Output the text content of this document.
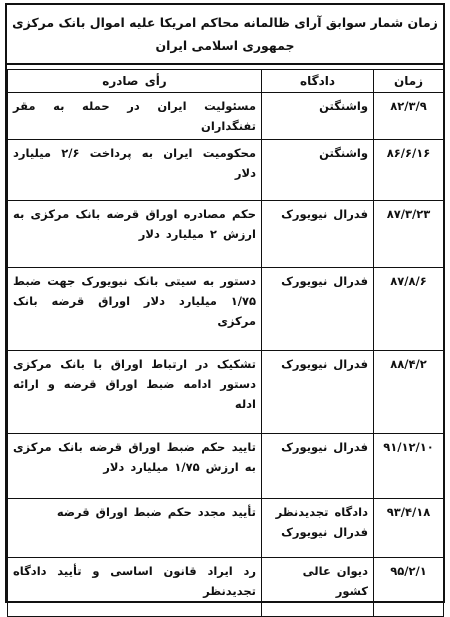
زمان شمار سوابق آرای ظالمانه محاکم امریکا علیه اموال بانک مرکزی
جمهوری اسلامی ایران
زمان	دادگاه	رأی صادره
۸۲/۳/۹	واشنگتن	مسئولیت ایران در حمله به مقر تفنگداران
۸۶/۶/۱۶	واشنگتن	محکومیت ایران به پرداخت ۲/۶ میلیارد دلار
۸۷/۳/۲۳	فدرال نیویورک	حکم مصادره اوراق قرضه بانک مرکزی به ارزش ۲ میلیارد دلار
۸۷/۸/۶	فدرال نیویورک	دستور به سیتی بانک نیویورک جهت ضبط ۱/۷۵ میلیارد دلار اوراق قرضه بانک مرکزی
۸۸/۴/۲	فدرال نیویورک	تشکیک در ارتباط اوراق با بانک مرکزی دستور ادامه ضبط اوراق قرضه و ارائه ادله
۹۱/۱۲/۱۰	فدرال نیویورک	تایید حکم ضبط اوراق قرضه بانک مرکزی به ارزش ۱/۷۵ میلیارد دلار
۹۳/۴/۱۸	دادگاه تجدیدنظر فدرال نیویورک	تأیید مجدد حکم ضبط اوراق قرضه
۹۵/۲/۱	دیوان عالی کشور	رد ایراد قانون اساسی و تأیید دادگاه تجدیدنظر
